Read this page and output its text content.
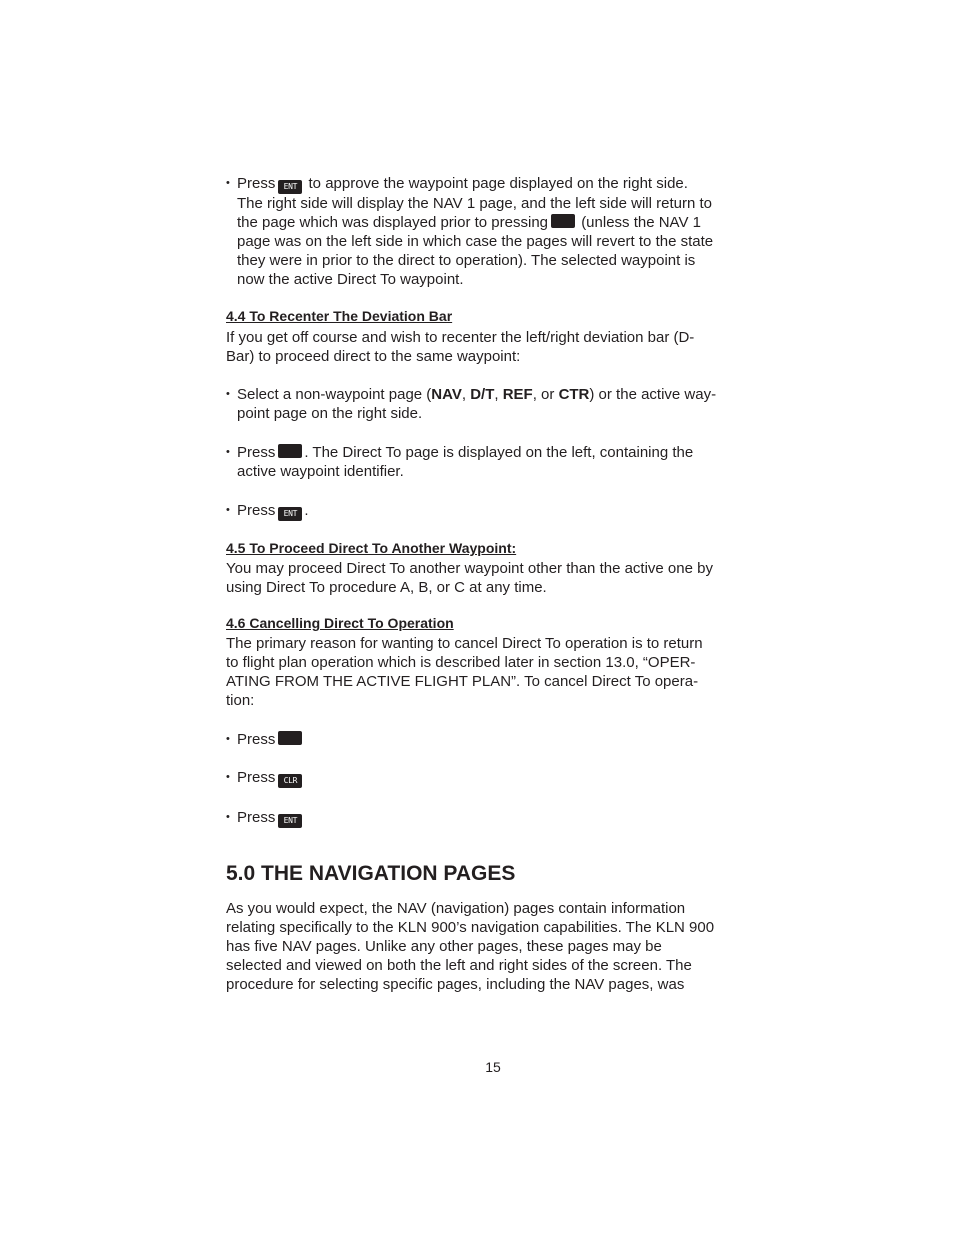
• Press ENT to approve the waypoint page displayed on the right side.
The right side will display the NAV 1 page, and the left side will return to
the page which was displayed prior to pressing (unless the NAV 1
page was on the left side in which case the pages will revert to the state
they were in prior to the direct to operation). The selected waypoint is
now the active Direct To waypoint.
4.4 To Recenter The Deviation Bar
If you get off course and wish to recenter the left/right deviation bar (D-
Bar) to proceed direct to the same waypoint:
• Select a non-waypoint page (NAV, D/T, REF, or CTR) or the active way-
point page on the right side.
• Press . The Direct To page is displayed on the left, containing the
active waypoint identifier.
• Press ENT .
4.5 To Proceed Direct To Another Waypoint:
You may proceed Direct To another waypoint other than the active one by
using Direct To procedure A, B, or C at any time.
4.6 Cancelling Direct To Operation
The primary reason for wanting to cancel Direct To operation is to return
to flight plan operation which is described later in section 13.0, “OPER-
ATING FROM THE ACTIVE FLIGHT PLAN”. To cancel Direct To opera-
tion:
• Press
• Press CLR
• Press ENT
5.0 THE NAVIGATION PAGES
As you would expect, the NAV (navigation) pages contain information
relating specifically to the KLN 900’s navigation capabilities. The KLN 900
has five NAV pages. Unlike any other pages, these pages may be
selected and viewed on both the left and right sides of the screen. The
procedure for selecting specific pages, including the NAV pages, was
15
